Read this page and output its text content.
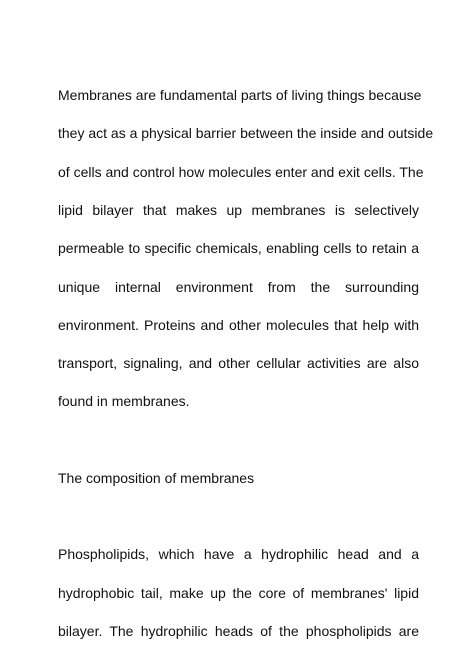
Membranes are fundamental parts of living things because
they act as a physical barrier between the inside and outside
of cells and control how molecules enter and exit cells. The
lipid bilayer that makes up membranes is selectively
permeable to specific chemicals, enabling cells to retain a
unique internal environment from the surrounding
environment. Proteins and other molecules that help with
transport, signaling, and other cellular activities are also
found in membranes.
The composition of membranes
Phospholipids, which have a hydrophilic head and a
hydrophobic tail, make up the core of membranes' lipid
bilayer. The hydrophilic heads of the phospholipids are
